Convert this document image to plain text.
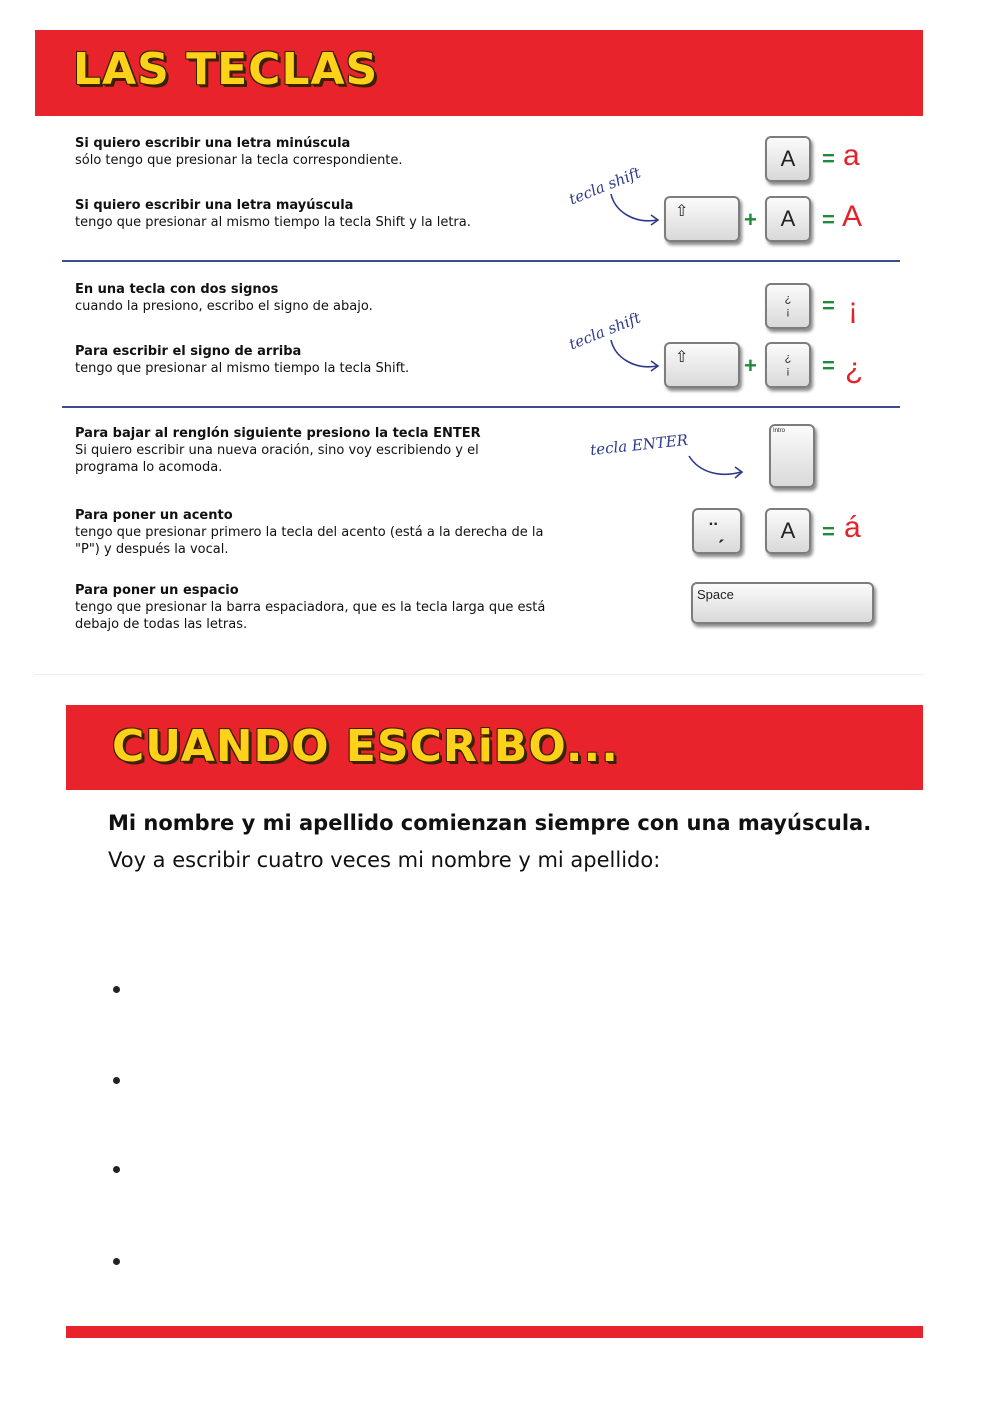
LAS TECLAS
Si quiero escribir una letra minúscula
sólo tengo que presionar la tecla correspondiente.
Si quiero escribir una letra mayúscula
tengo que presionar al mismo tiempo la tecla Shift y la letra.
A	= a
tecla shift
⇧	+	A	= A
En una tecla con dos signos
cuando la presiono, escribo el signo de abajo.
Para escribir el signo de arriba
tengo que presionar al mismo tiempo la tecla Shift.
¿
¡ = ¡
tecla shift
⇧	+	¿
¡ = ¿
Para bajar al renglón siguiente presiono la tecla ENTER
Si quiero escribir una nueva oración, sino voy escribiendo y el programa lo acomoda.
tecla ENTER	Intro
Para poner un acento
tengo que presionar primero la tecla del acento (está a la derecha de la "P") y después la vocal.
¨ˏ	A	= á
Para poner un espacio
tengo que presionar la barra espaciadora, que es la tecla larga que está debajo de todas las letras.
Space
CUANDO ESCRiBO...
Mi nombre y mi apellido comienzan siempre con una mayúscula.
Voy a escribir cuatro veces mi nombre y mi apellido:
